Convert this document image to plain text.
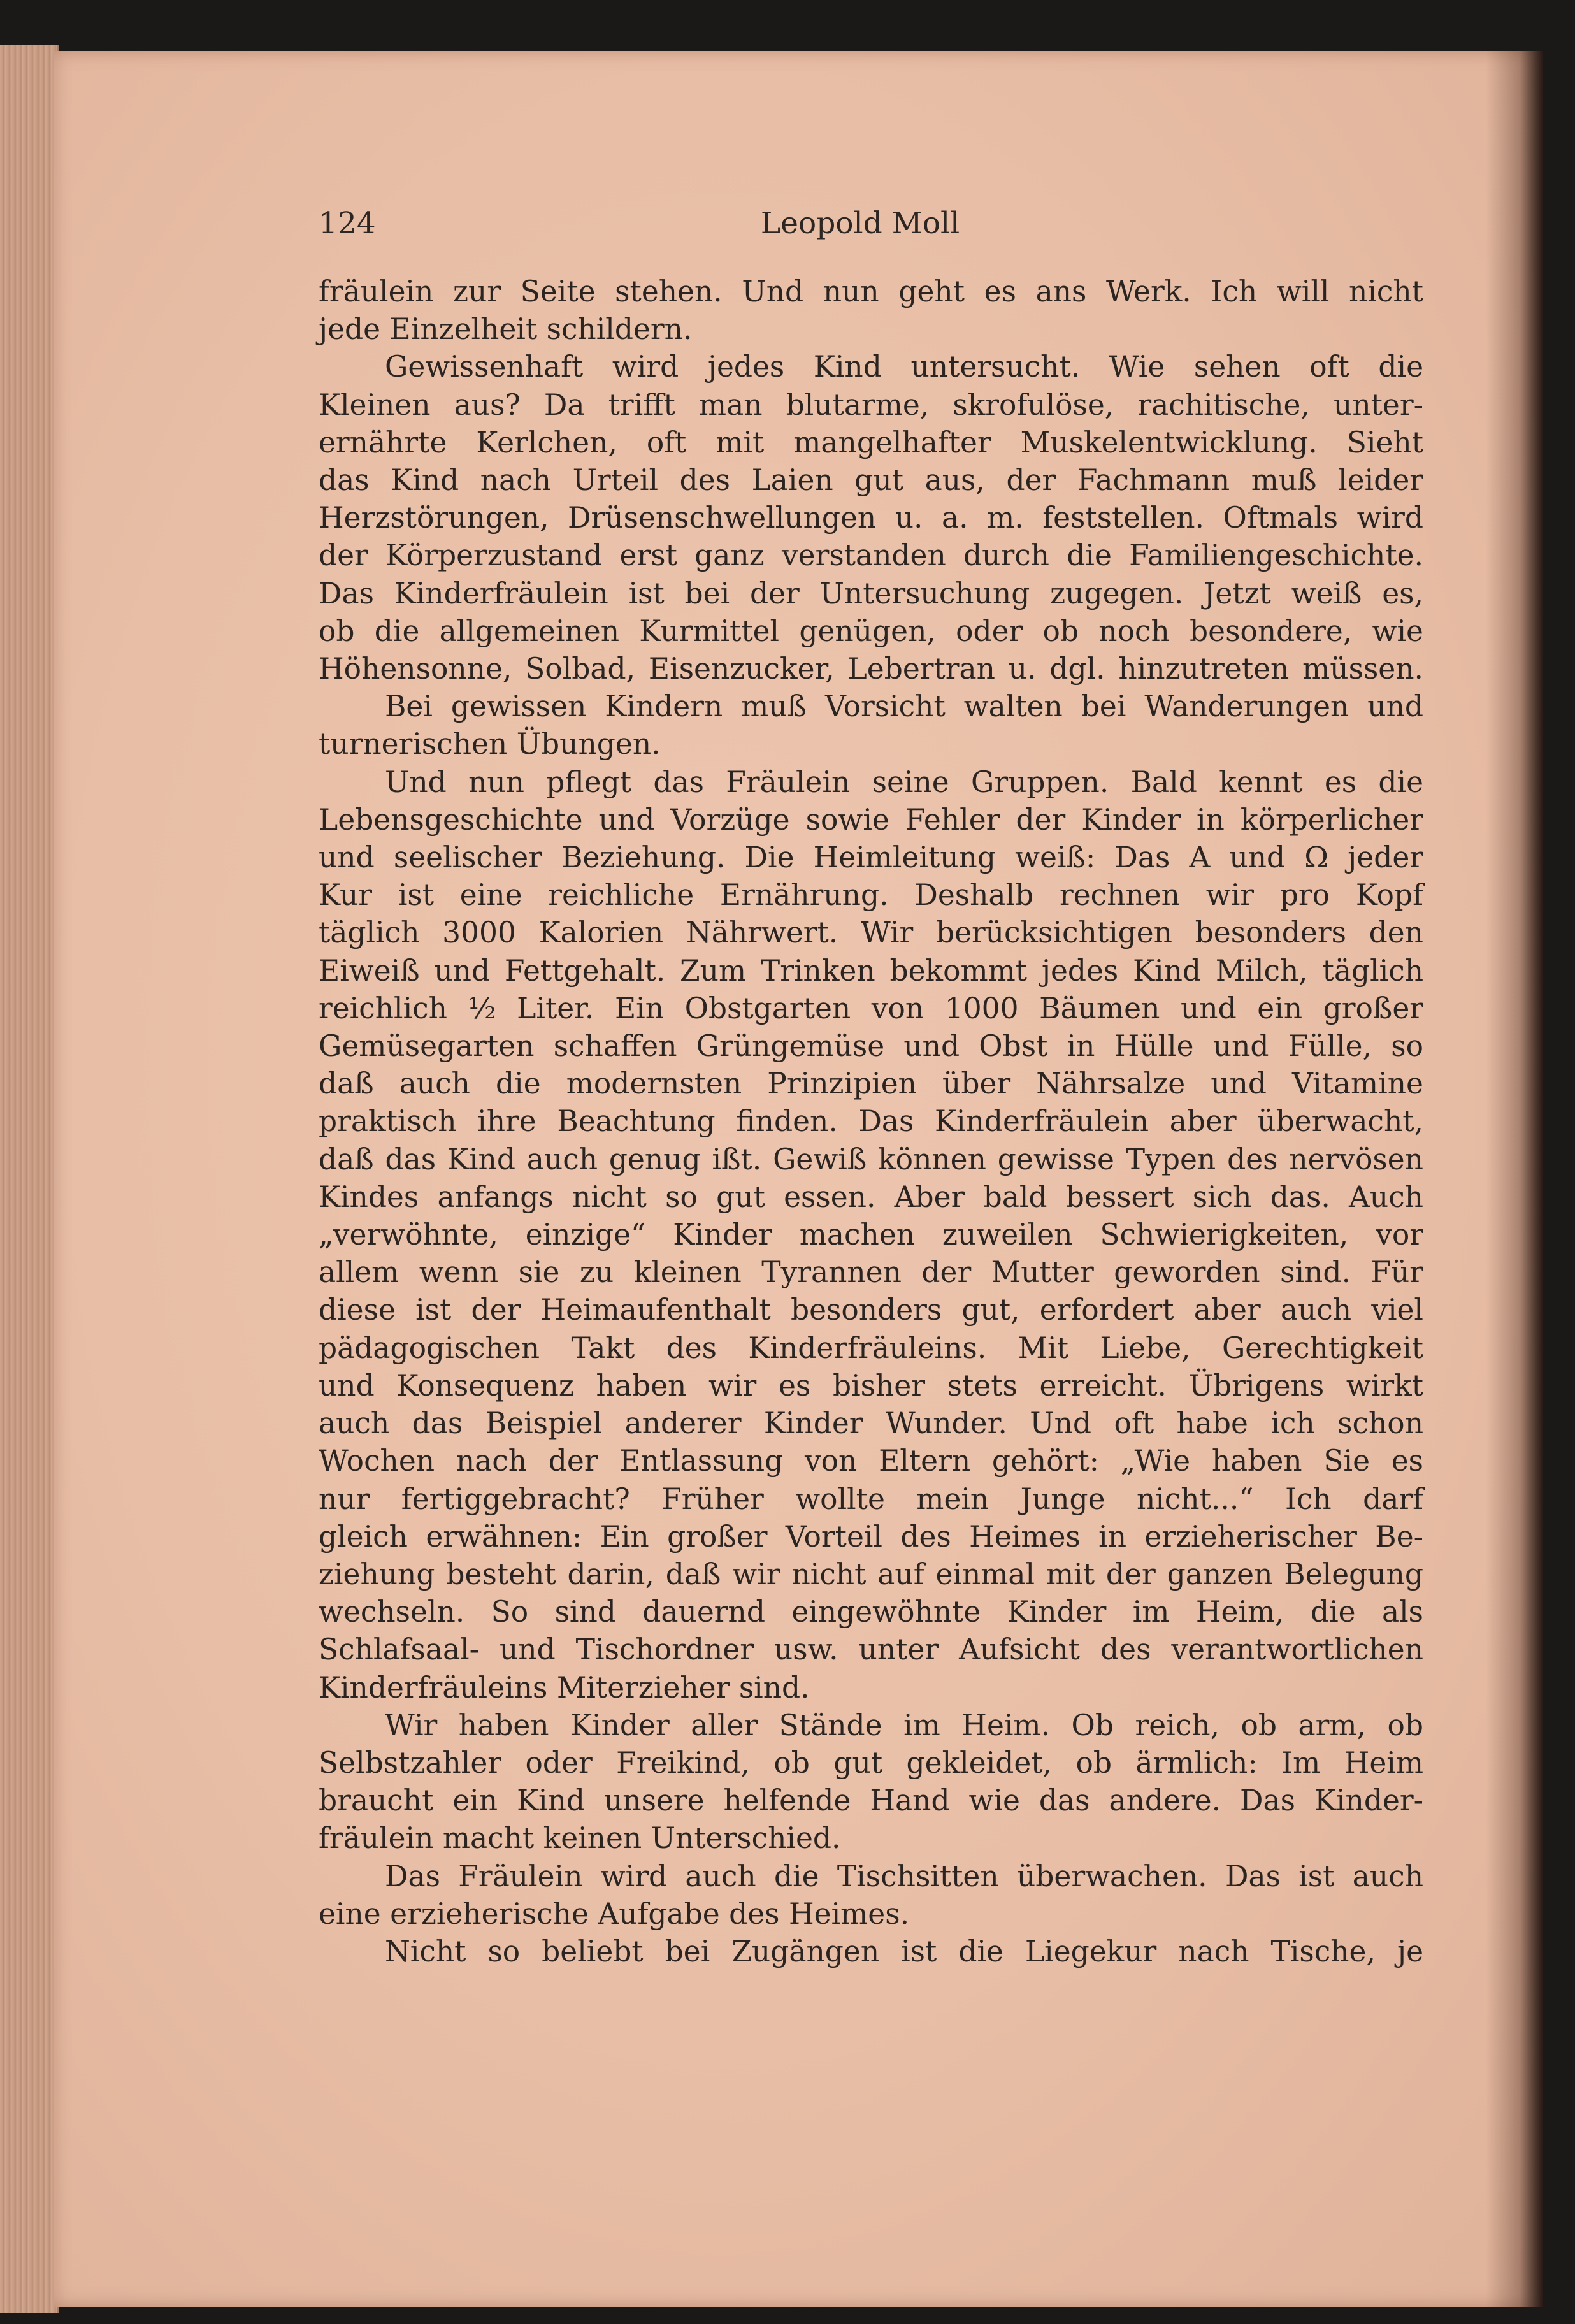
124	Leopold Moll
fräulein zur Seite stehen. Und nun geht es ans Werk. Ich will nicht
jede Einzelheit schildern.
Gewissenhaft wird jedes Kind untersucht. Wie sehen oft die
Kleinen aus? Da trifft man blutarme, skrofulöse, rachitische, unter-
ernährte Kerlchen, oft mit mangelhafter Muskelentwicklung. Sieht
das Kind nach Urteil des Laien gut aus, der Fachmann muß leider
Herzstörungen, Drüsenschwellungen u. a. m. feststellen. Oftmals wird
der Körperzustand erst ganz verstanden durch die Familiengeschichte.
Das Kinderfräulein ist bei der Untersuchung zugegen. Jetzt weiß es,
ob die allgemeinen Kurmittel genügen, oder ob noch besondere, wie
Höhensonne, Solbad, Eisenzucker, Lebertran u. dgl. hinzutreten müssen.
Bei gewissen Kindern muß Vorsicht walten bei Wanderungen und
turnerischen Übungen.
Und nun pflegt das Fräulein seine Gruppen. Bald kennt es die
Lebensgeschichte und Vorzüge sowie Fehler der Kinder in körperlicher
und seelischer Beziehung. Die Heimleitung weiß: Das A und Ω jeder
Kur ist eine reichliche Ernährung. Deshalb rechnen wir pro Kopf
täglich 3000 Kalorien Nährwert. Wir berücksichtigen besonders den
Eiweiß und Fettgehalt. Zum Trinken bekommt jedes Kind Milch, täglich
reichlich ½ Liter. Ein Obstgarten von 1000 Bäumen und ein großer
Gemüsegarten schaffen Grüngemüse und Obst in Hülle und Fülle, so
daß auch die modernsten Prinzipien über Nährsalze und Vitamine
praktisch ihre Beachtung finden. Das Kinderfräulein aber überwacht,
daß das Kind auch genug ißt. Gewiß können gewisse Typen des nervösen
Kindes anfangs nicht so gut essen. Aber bald bessert sich das. Auch
„verwöhnte, einzige“ Kinder machen zuweilen Schwierigkeiten, vor
allem wenn sie zu kleinen Tyrannen der Mutter geworden sind. Für
diese ist der Heimaufenthalt besonders gut, erfordert aber auch viel
pädagogischen Takt des Kinderfräuleins. Mit Liebe, Gerechtigkeit
und Konsequenz haben wir es bisher stets erreicht. Übrigens wirkt
auch das Beispiel anderer Kinder Wunder. Und oft habe ich schon
Wochen nach der Entlassung von Eltern gehört: „Wie haben Sie es
nur fertiggebracht? Früher wollte mein Junge nicht...“ Ich darf
gleich erwähnen: Ein großer Vorteil des Heimes in erzieherischer Be-
ziehung besteht darin, daß wir nicht auf einmal mit der ganzen Belegung
wechseln. So sind dauernd eingewöhnte Kinder im Heim, die als
Schlafsaal- und Tischordner usw. unter Aufsicht des verantwortlichen
Kinderfräuleins Miterzieher sind.
Wir haben Kinder aller Stände im Heim. Ob reich, ob arm, ob
Selbstzahler oder Freikind, ob gut gekleidet, ob ärmlich: Im Heim
braucht ein Kind unsere helfende Hand wie das andere. Das Kinder-
fräulein macht keinen Unterschied.
Das Fräulein wird auch die Tischsitten überwachen. Das ist auch
eine erzieherische Aufgabe des Heimes.
Nicht so beliebt bei Zugängen ist die Liegekur nach Tische, je
